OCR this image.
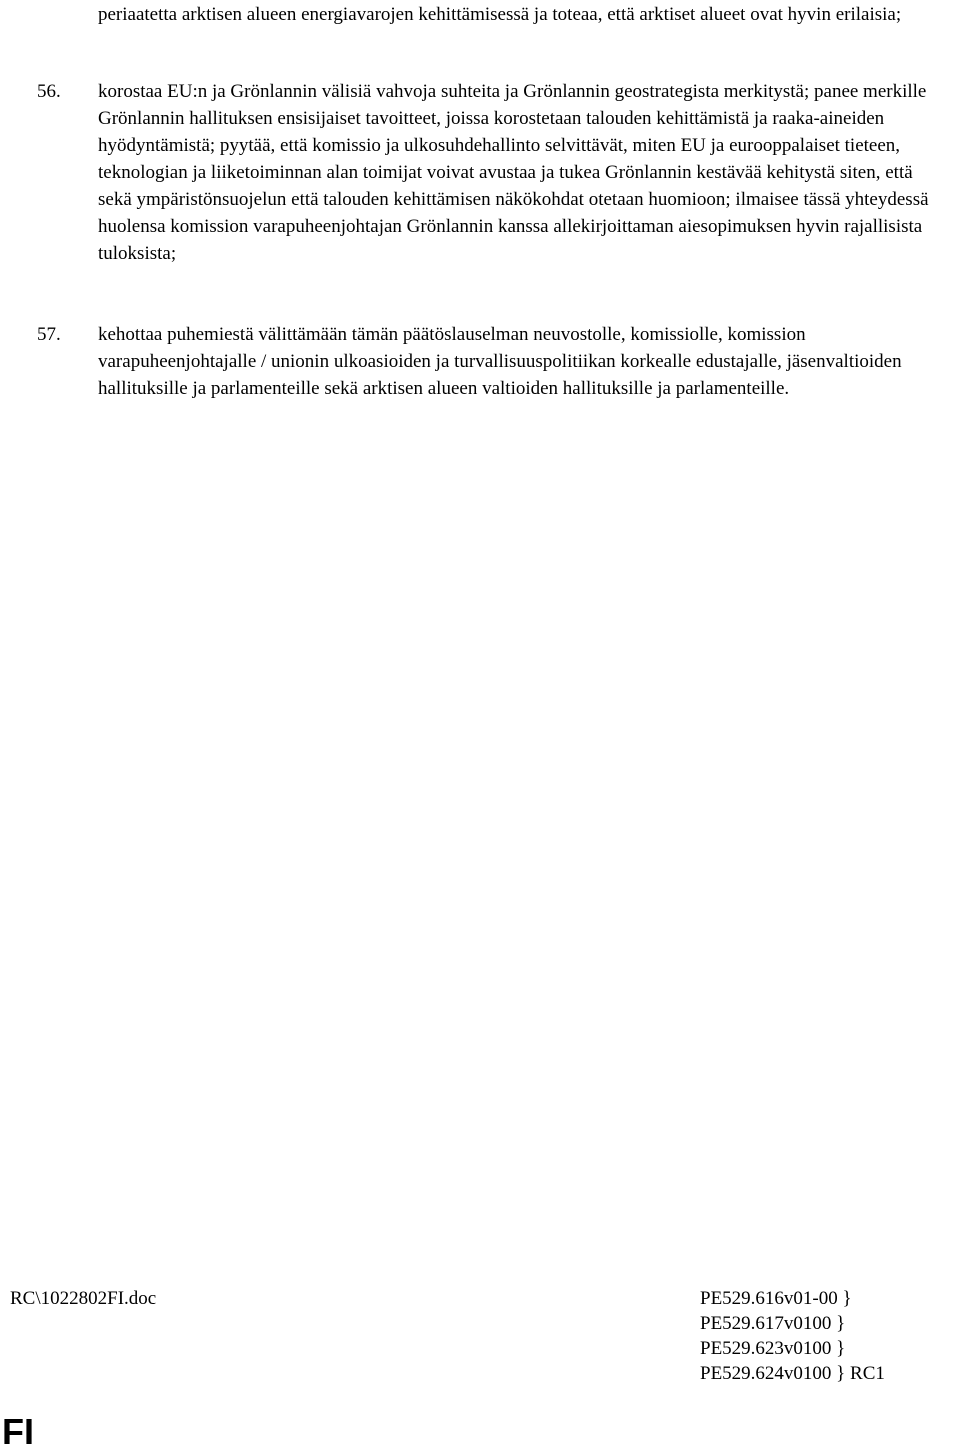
periaatetta arktisen alueen energiavarojen kehittämisessä ja toteaa, että arktiset alueet ovat hyvin erilaisia;
56. korostaa EU:n ja Grönlannin välisiä vahvoja suhteita ja Grönlannin geostrategista merkitystä; panee merkille Grönlannin hallituksen ensisijaiset tavoitteet, joissa korostetaan talouden kehittämistä ja raaka-aineiden hyödyntämistä; pyytää, että komissio ja ulkosuhdehallinto selvittävät, miten EU ja eurooppalaiset tieteen, teknologian ja liiketoiminnan alan toimijat voivat avustaa ja tukea Grönlannin kestävää kehitystä siten, että sekä ympäristönsuojelun että talouden kehittämisen näkökohdat otetaan huomioon; ilmaisee tässä yhteydessä huolensa komission varapuheenjohtajan Grönlannin kanssa allekirjoittaman aiesopimuksen hyvin rajallisista tuloksista;
57. kehottaa puhemiestä välittämään tämän päätöslauselman neuvostolle, komissiolle, komission varapuheenjohtajalle / unionin ulkoasioiden ja turvallisuuspolitiikan korkealle edustajalle, jäsenvaltioiden hallituksille ja parlamenteille sekä arktisen alueen valtioiden hallituksille ja parlamenteille.
RC\1022802FI.doc	PE529.616v01-00 }
PE529.617v0100 }
PE529.623v0100 }
PE529.624v0100 } RC1
FI
